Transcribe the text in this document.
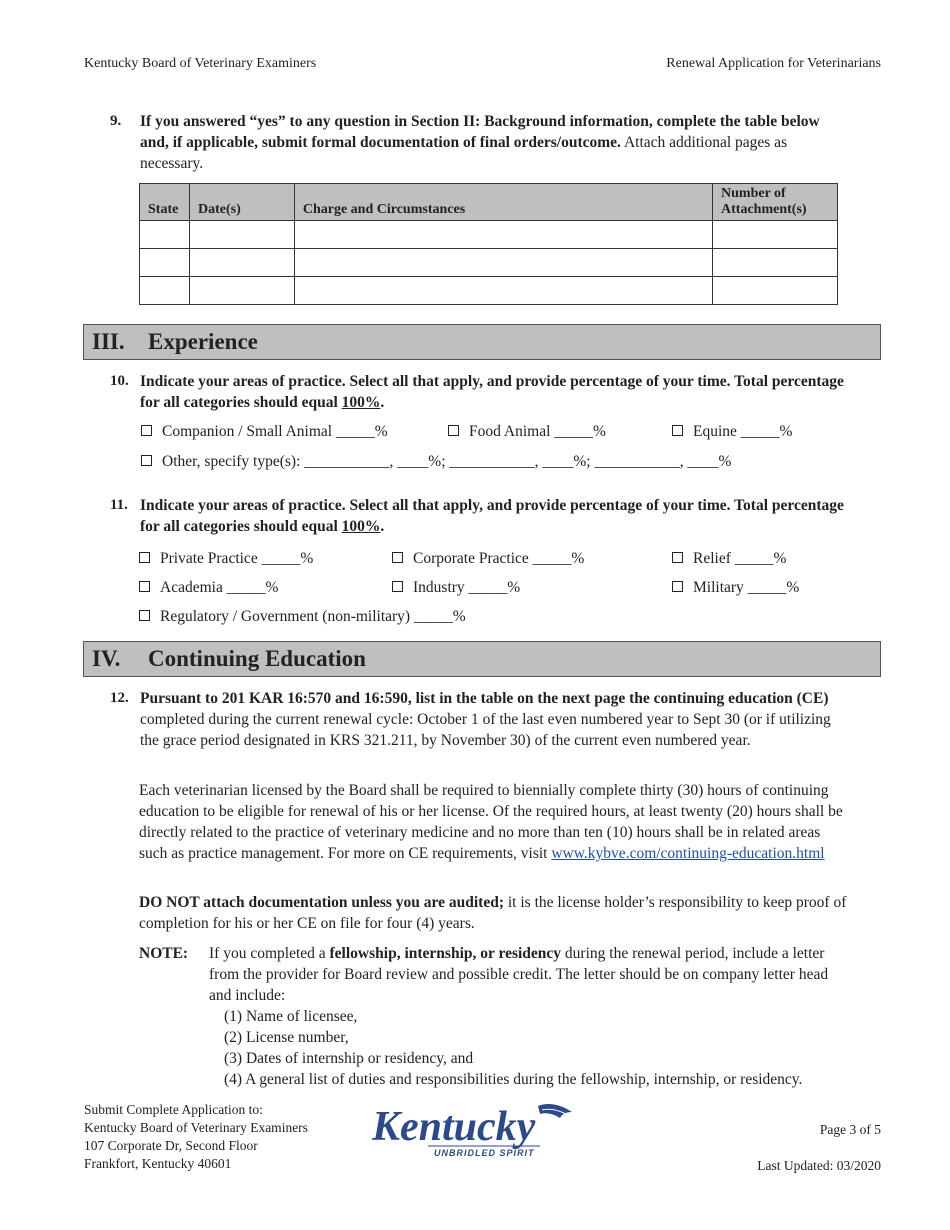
Kentucky Board of Veterinary Examiners	Renewal Application for Veterinarians
9. If you answered “yes” to any question in Section II: Background information, complete the table below and, if applicable, submit formal documentation of final orders/outcome. Attach additional pages as necessary.
State	Date(s)	Charge and Circumstances	Number of Attachment(s)

III. Experience
10. Indicate your areas of practice. Select all that apply, and provide percentage of your time. Total percentage for all categories should equal 100%.
Companion / Small Animal _____%	Food Animal _____%	Equine _____%
Other, specify type(s): ___________, ____%; ___________, ____%; ___________, ____%
11. Indicate your areas of practice. Select all that apply, and provide percentage of your time. Total percentage for all categories should equal 100%.
Private Practice _____%	Corporate Practice _____%	Relief _____%
Academia _____%	Industry _____%	Military _____%
Regulatory / Government (non-military) _____%
IV. Continuing Education
12. Pursuant to 201 KAR 16:570 and 16:590, list in the table on the next page the continuing education (CE) completed during the current renewal cycle: October 1 of the last even numbered year to Sept 30 (or if utilizing the grace period designated in KRS 321.211, by November 30) of the current even numbered year.
Each veterinarian licensed by the Board shall be required to biennially complete thirty (30) hours of continuing education to be eligible for renewal of his or her license. Of the required hours, at least twenty (20) hours shall be directly related to the practice of veterinary medicine and no more than ten (10) hours shall be in related areas such as practice management. For more on CE requirements, visit www.kybve.com/continuing-education.html
DO NOT attach documentation unless you are audited; it is the license holder’s responsibility to keep proof of completion for his or her CE on file for four (4) years.
NOTE: If you completed a fellowship, internship, or residency during the renewal period, include a letter from the provider for Board review and possible credit. The letter should be on company letter head and include:
(1) Name of licensee,
(2) License number,
(3) Dates of internship or residency, and
(4) A general list of duties and responsibilities during the fellowship, internship, or residency.
Submit Complete Application to:
Kentucky Board of Veterinary Examiners
107 Corporate Dr, Second Floor
Frankfort, Kentucky 40601
Kentucky
UNBRIDLED SPIRIT
Page 3 of 5
Last Updated: 03/2020
